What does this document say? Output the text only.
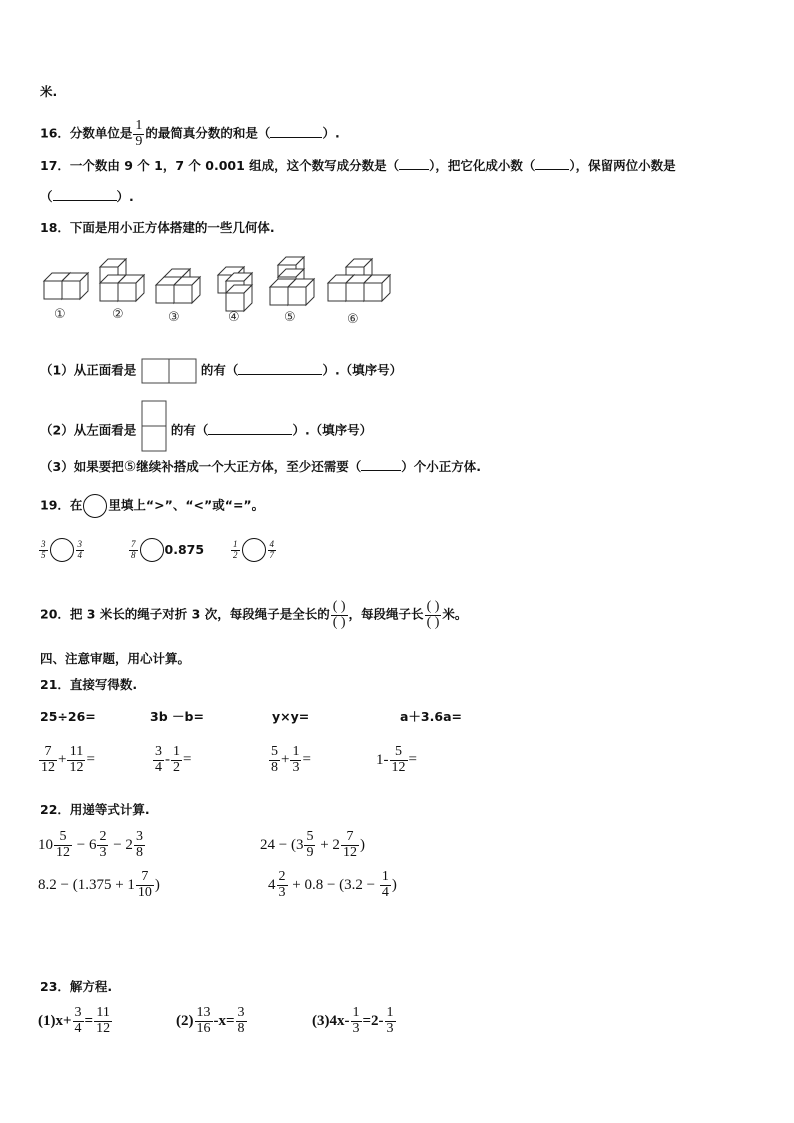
米.
16．分数单位是 $\frac{1}{9}$ 的最简真分数的和是（	）.
17．一个数由 9 个 1，7 个 0.001 组成，这个数写成分数是（ ），把它化成小数（	），保留两位小数是
（	）.
18．下面是用小正方体搭建的一些几何体.
①	②	③	④	⑤	⑥
（1）从正面看是	的有（	）.（填序号）
（2）从左面看是	的有（	）.（填序号）
（3）如果要把⑤继续补搭成一个大正方体，至少还需要（	）个小正方体.
19．在 里填上“>”、“<”或“=”。
$\frac{3}{5}$	$\frac{3}{4}$	$\frac{7}{8} 0.875$	$\frac{1}{2}$	$\frac{4}{7}$
20．把 3 米长的绳子对折 3 次，每段绳子是全长的 $\frac{( )}{( )}$ ，每段绳子长 $\frac{( )}{( )}$ 米。
四、注意审题，用心计算。
21．直接写得数.
25÷26=	3b －b=	y×y=	a＋3.6a=
$\frac{7}{12} + \frac{11}{12}$ =	$\frac{3}{4} - \frac{1}{2}$ =	$\frac{5}{8} + \frac{1}{3}$ =	$1- \frac{5}{12}$ =
22．用递等式计算.
$10 \frac{5}{12} - 6 \frac{2}{3} - 2 \frac{3}{8}$	$24 - (3 \frac{5}{9} + 2 \frac{7}{12}$ )
$8.2 - (1.375 + 1 \frac{7}{10}$ )	$4 \frac{2}{3} + 0.8 - (3.2 - \frac{1}{4}$ )
23．解方程.
$(1)x+ \frac{3}{4} = \frac{11}{12}$	$(2) \frac{13}{16} -x= \frac{3}{8}$	$(3)4x- \frac{1}{3} =2- \frac{1}{3}$
